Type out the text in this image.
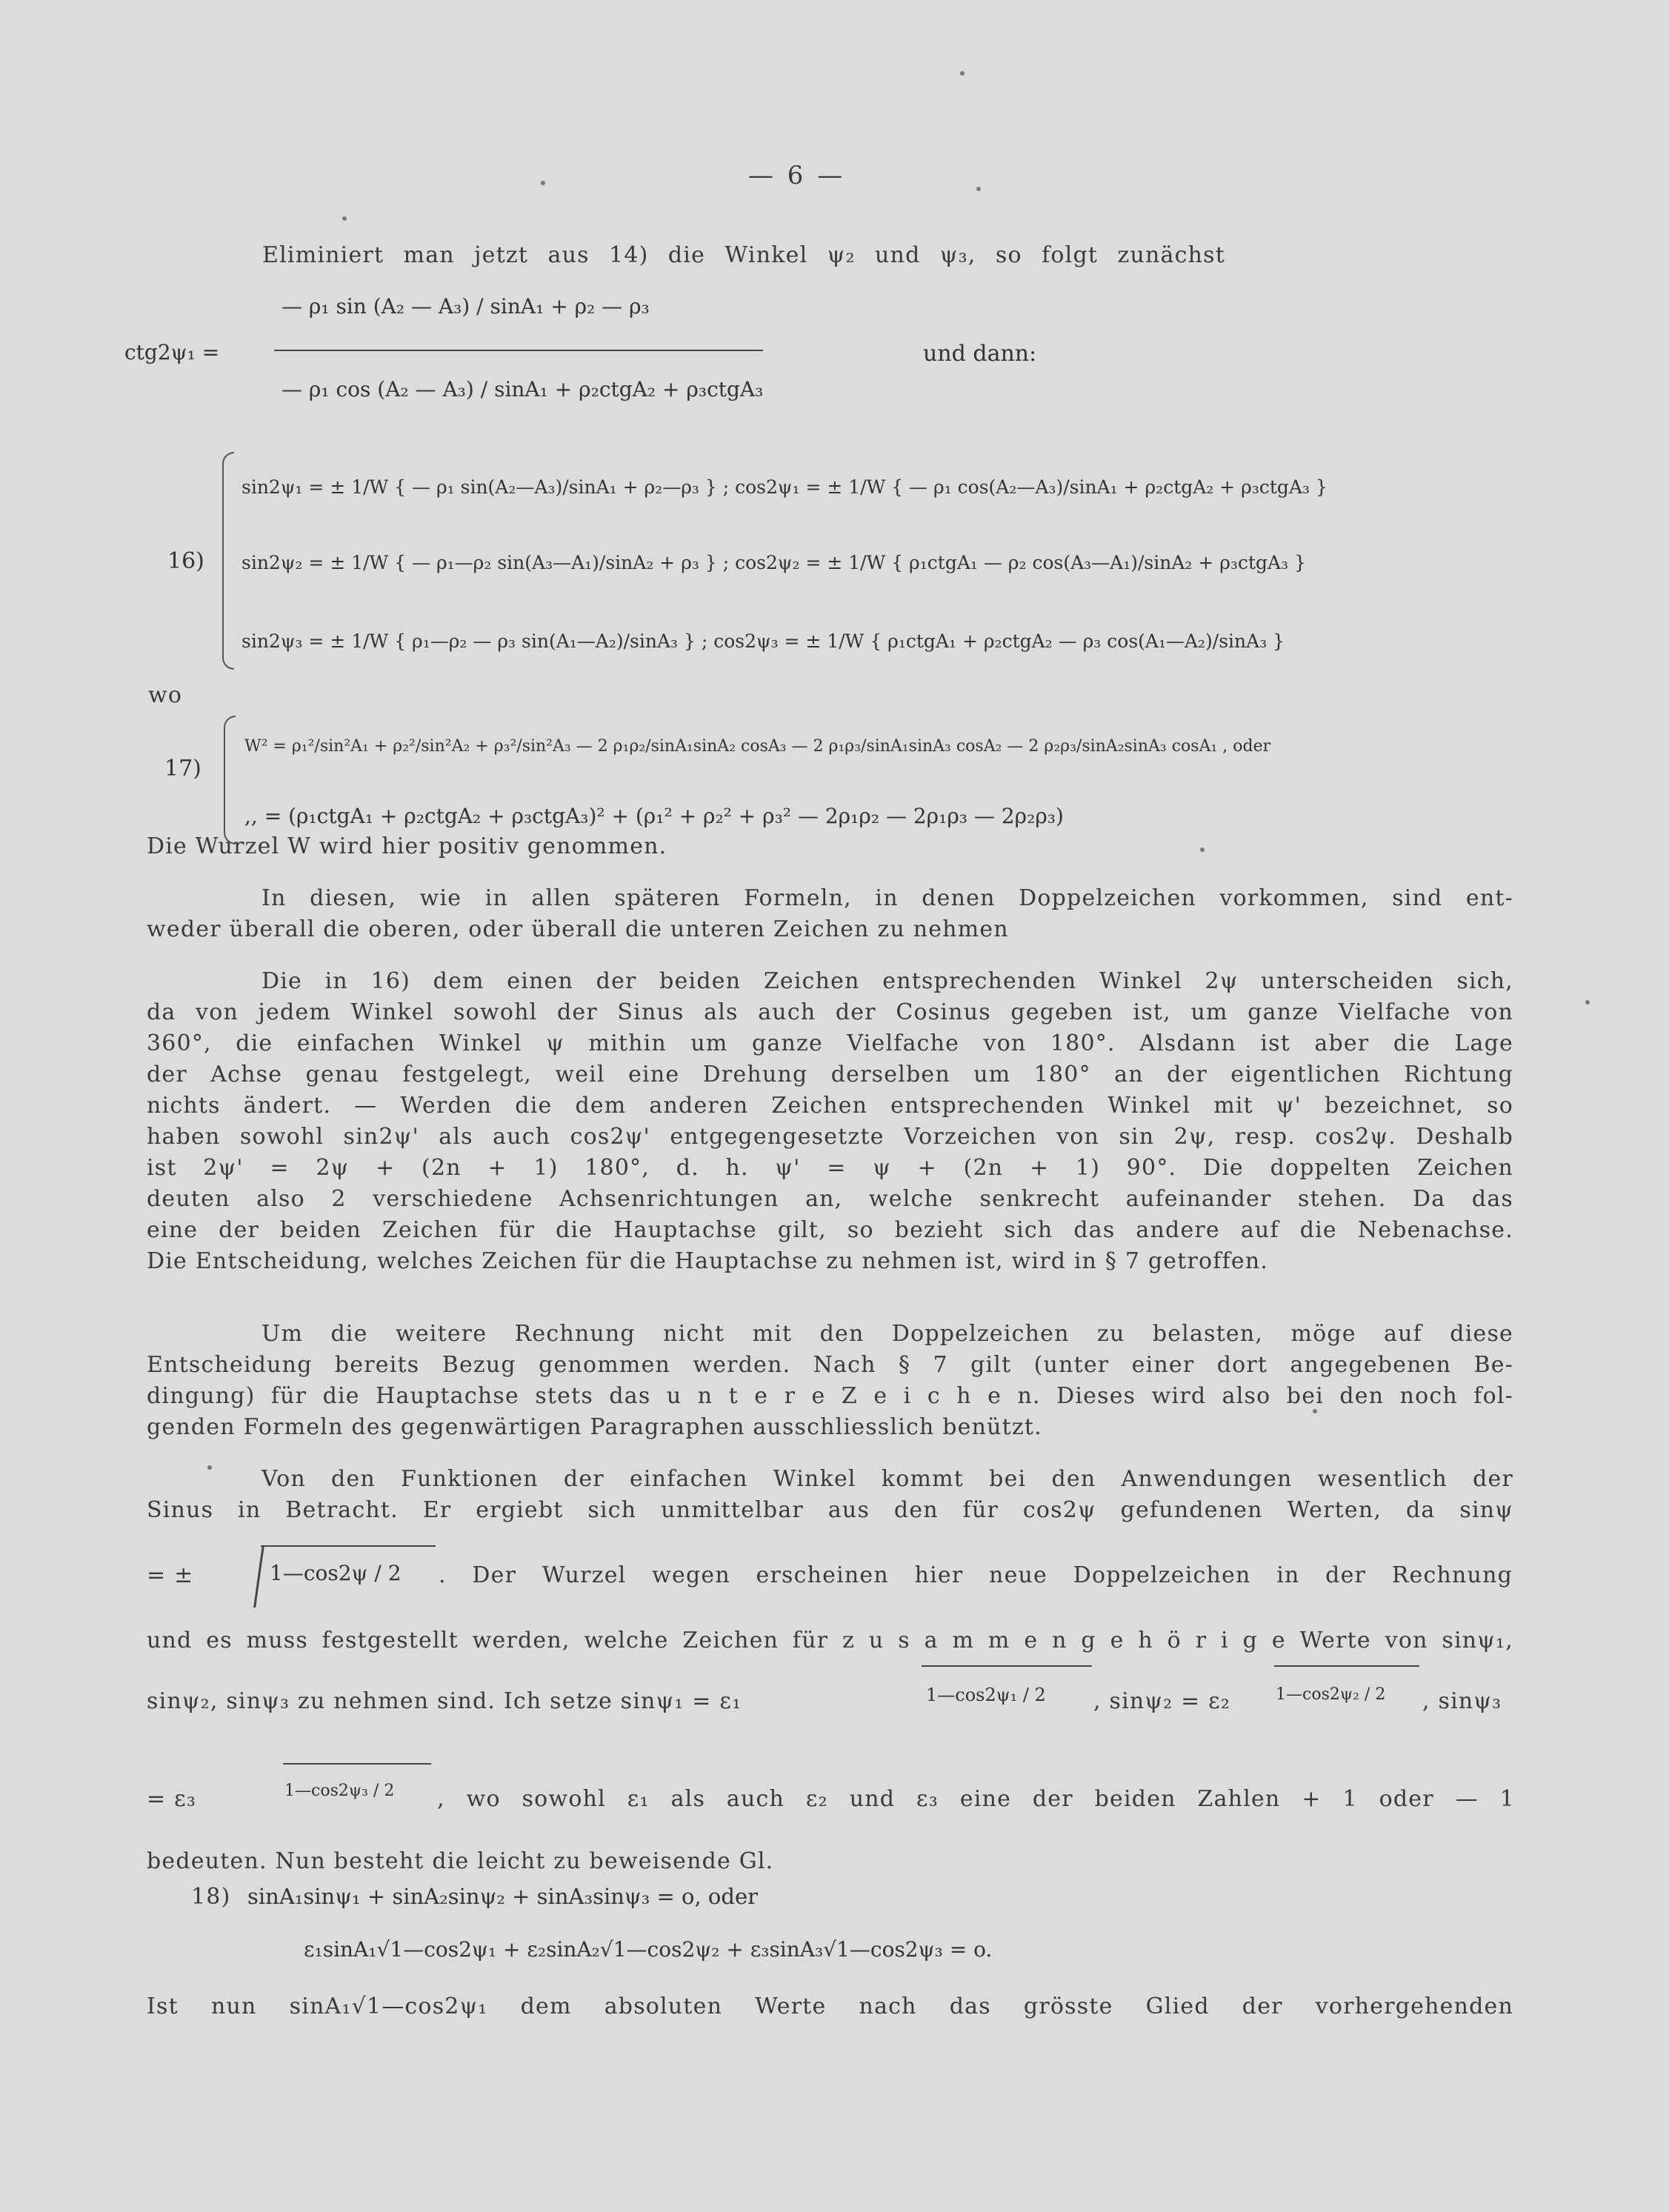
— 6 —
Eliminiert man jetzt aus 14) die Winkel ψ₂ und ψ₃, so folgt zunächst
ctg2ψ₁ =
— ρ₁ sin (A₂ — A₃) / sinA₁ + ρ₂ — ρ₃
— ρ₁ cos (A₂ — A₃) / sinA₁ + ρ₂ctgA₂ + ρ₃ctgA₃
und dann:
16)
sin2ψ₁ = ± 1/W { — ρ₁ sin(A₂—A₃)/sinA₁ + ρ₂—ρ₃ } ; cos2ψ₁ = ± 1/W { — ρ₁ cos(A₂—A₃)/sinA₁ + ρ₂ctgA₂ + ρ₃ctgA₃ }
sin2ψ₂ = ± 1/W { — ρ₁—ρ₂ sin(A₃—A₁)/sinA₂ + ρ₃ } ; cos2ψ₂ = ± 1/W { ρ₁ctgA₁ — ρ₂ cos(A₃—A₁)/sinA₂ + ρ₃ctgA₃ }
sin2ψ₃ = ± 1/W { ρ₁—ρ₂ — ρ₃ sin(A₁—A₂)/sinA₃ } ; cos2ψ₃ = ± 1/W { ρ₁ctgA₁ + ρ₂ctgA₂ — ρ₃ cos(A₁—A₂)/sinA₃ }
wo
17)
W² = ρ₁²/sin²A₁ + ρ₂²/sin²A₂ + ρ₃²/sin²A₃ — 2 ρ₁ρ₂/sinA₁sinA₂ cosA₃ — 2 ρ₁ρ₃/sinA₁sinA₃ cosA₂ — 2 ρ₂ρ₃/sinA₂sinA₃ cosA₁ , oder
,, = (ρ₁ctgA₁ + ρ₂ctgA₂ + ρ₃ctgA₃)² + (ρ₁² + ρ₂² + ρ₃² — 2ρ₁ρ₂ — 2ρ₁ρ₃ — 2ρ₂ρ₃)
Die Wurzel W wird hier positiv genommen.
In diesen, wie in allen späteren Formeln, in denen Doppelzeichen vorkommen, sind ent-
weder überall die oberen, oder überall die unteren Zeichen zu nehmen
Die in 16) dem einen der beiden Zeichen entsprechenden Winkel 2ψ unterscheiden sich,
da von jedem Winkel sowohl der Sinus als auch der Cosinus gegeben ist, um ganze Vielfache von
360°, die einfachen Winkel ψ mithin um ganze Vielfache von 180°. Alsdann ist aber die Lage
der Achse genau festgelegt, weil eine Drehung derselben um 180° an der eigentlichen Richtung
nichts ändert. — Werden die dem anderen Zeichen entsprechenden Winkel mit ψ' bezeichnet, so
haben sowohl sin2ψ' als auch cos2ψ' entgegengesetzte Vorzeichen von sin 2ψ, resp. cos2ψ. Deshalb
ist 2ψ' = 2ψ + (2n + 1) 180°, d. h. ψ' = ψ + (2n + 1) 90°. Die doppelten Zeichen
deuten also 2 verschiedene Achsenrichtungen an, welche senkrecht aufeinander stehen. Da das
eine der beiden Zeichen für die Hauptachse gilt, so bezieht sich das andere auf die Nebenachse.
Die Entscheidung, welches Zeichen für die Hauptachse zu nehmen ist, wird in § 7 getroffen.
Um die weitere Rechnung nicht mit den Doppelzeichen zu belasten, möge auf diese
Entscheidung bereits Bezug genommen werden. Nach § 7 gilt (unter einer dort angegebenen Be-
dingung) für die Hauptachse stets das u n t e r e Z e i c h e n. Dieses wird also bei den noch fol-
genden Formeln des gegenwärtigen Paragraphen ausschliesslich benützt.
Von den Funktionen der einfachen Winkel kommt bei den Anwendungen wesentlich der
Sinus in Betracht. Er ergiebt sich unmittelbar aus den für cos2ψ gefundenen Werten, da sinψ
= ±	1—cos2ψ / 2 . Der Wurzel wegen erscheinen hier neue Doppelzeichen in der Rechnung
und es muss festgestellt werden, welche Zeichen für z u s a m m e n g e h ö r i g e Werte von sinψ₁,
sinψ₂, sinψ₃ zu nehmen sind. Ich setze sinψ₁ = ε₁	1—cos2ψ₁ / 2 , sinψ₂ = ε₂	1—cos2ψ₂ / 2 , sinψ₃
= ε₃	1—cos2ψ₃ / 2 , wo sowohl ε₁ als auch ε₂ und ε₃ eine der beiden Zahlen + 1 oder — 1
bedeuten. Nun besteht die leicht zu beweisende Gl.
18) sinA₁sinψ₁ + sinA₂sinψ₂ + sinA₃sinψ₃ = o, oder
ε₁sinA₁√1—cos2ψ₁ + ε₂sinA₂√1—cos2ψ₂ + ε₃sinA₃√1—cos2ψ₃ = o.
Ist nun sinA₁√1—cos2ψ₁ dem absoluten Werte nach das grösste Glied der vorhergehenden
